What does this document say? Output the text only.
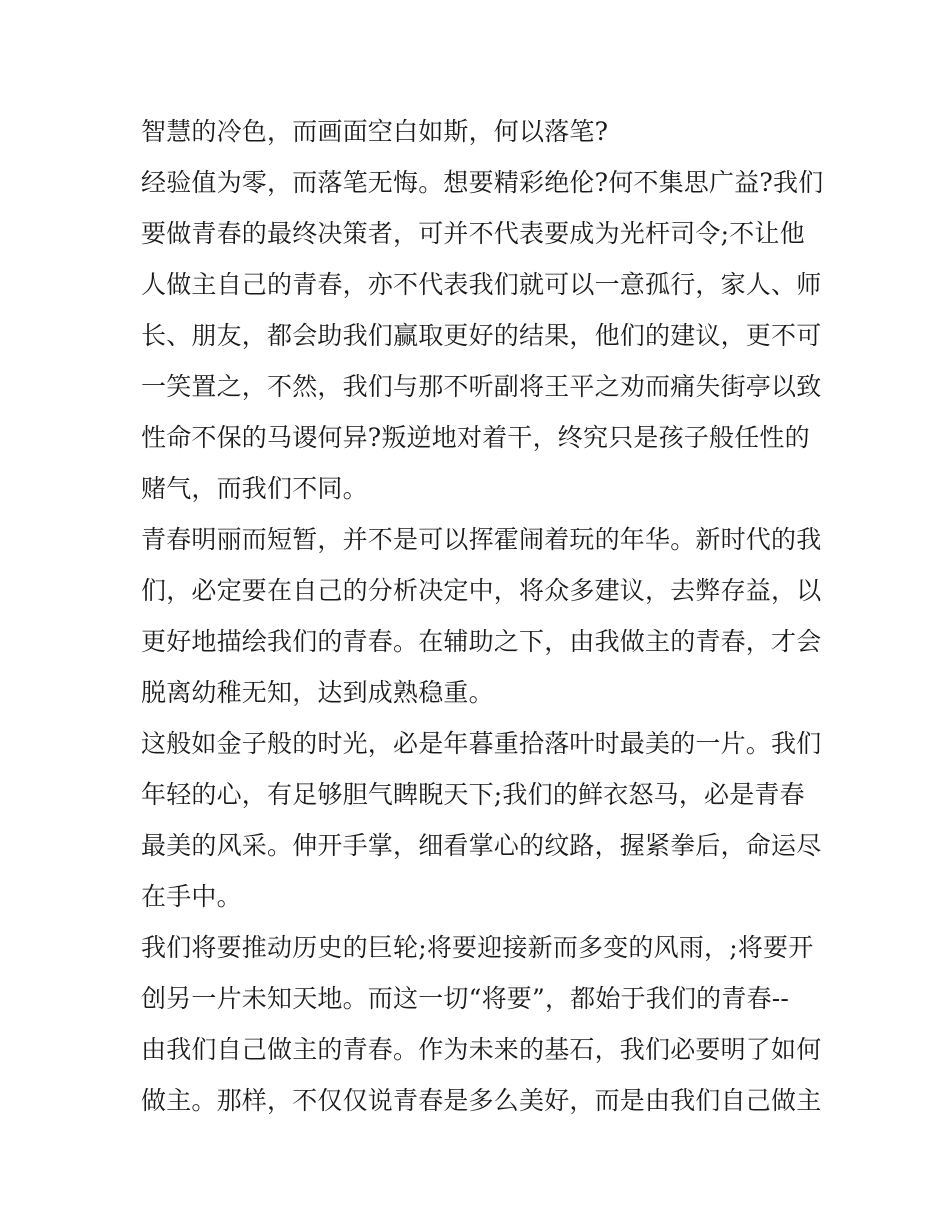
智慧的冷色，而画面空白如斯，何以落笔?
经验值为零，而落笔无悔。想要精彩绝伦?何不集思广益?我们
要做青春的最终决策者，可并不代表要成为光杆司令;不让他
人做主自己的青春，亦不代表我们就可以一意孤行，家人、师
长、朋友，都会助我们赢取更好的结果，他们的建议，更不可
一笑置之，不然，我们与那不听副将王平之劝而痛失街亭以致
性命不保的马谡何异?叛逆地对着干，终究只是孩子般任性的
赌气，而我们不同。
青春明丽而短暂，并不是可以挥霍闹着玩的年华。新时代的我
们，必定要在自己的分析决定中，将众多建议，去弊存益，以
更好地描绘我们的青春。在辅助之下，由我做主的青春，才会
脱离幼稚无知，达到成熟稳重。
这般如金子般的时光，必是年暮重拾落叶时最美的一片。我们
年轻的心，有足够胆气睥睨天下;我们的鲜衣怒马，必是青春
最美的风采。伸开手掌，细看掌心的纹路，握紧拳后，命运尽
在手中。
我们将要推动历史的巨轮;将要迎接新而多变的风雨，;将要开
创另一片未知天地。而这一切“将要”，都始于我们的青春--
由我们自己做主的青春。作为未来的基石，我们必要明了如何
做主。那样，不仅仅说青春是多么美好，而是由我们自己做主
